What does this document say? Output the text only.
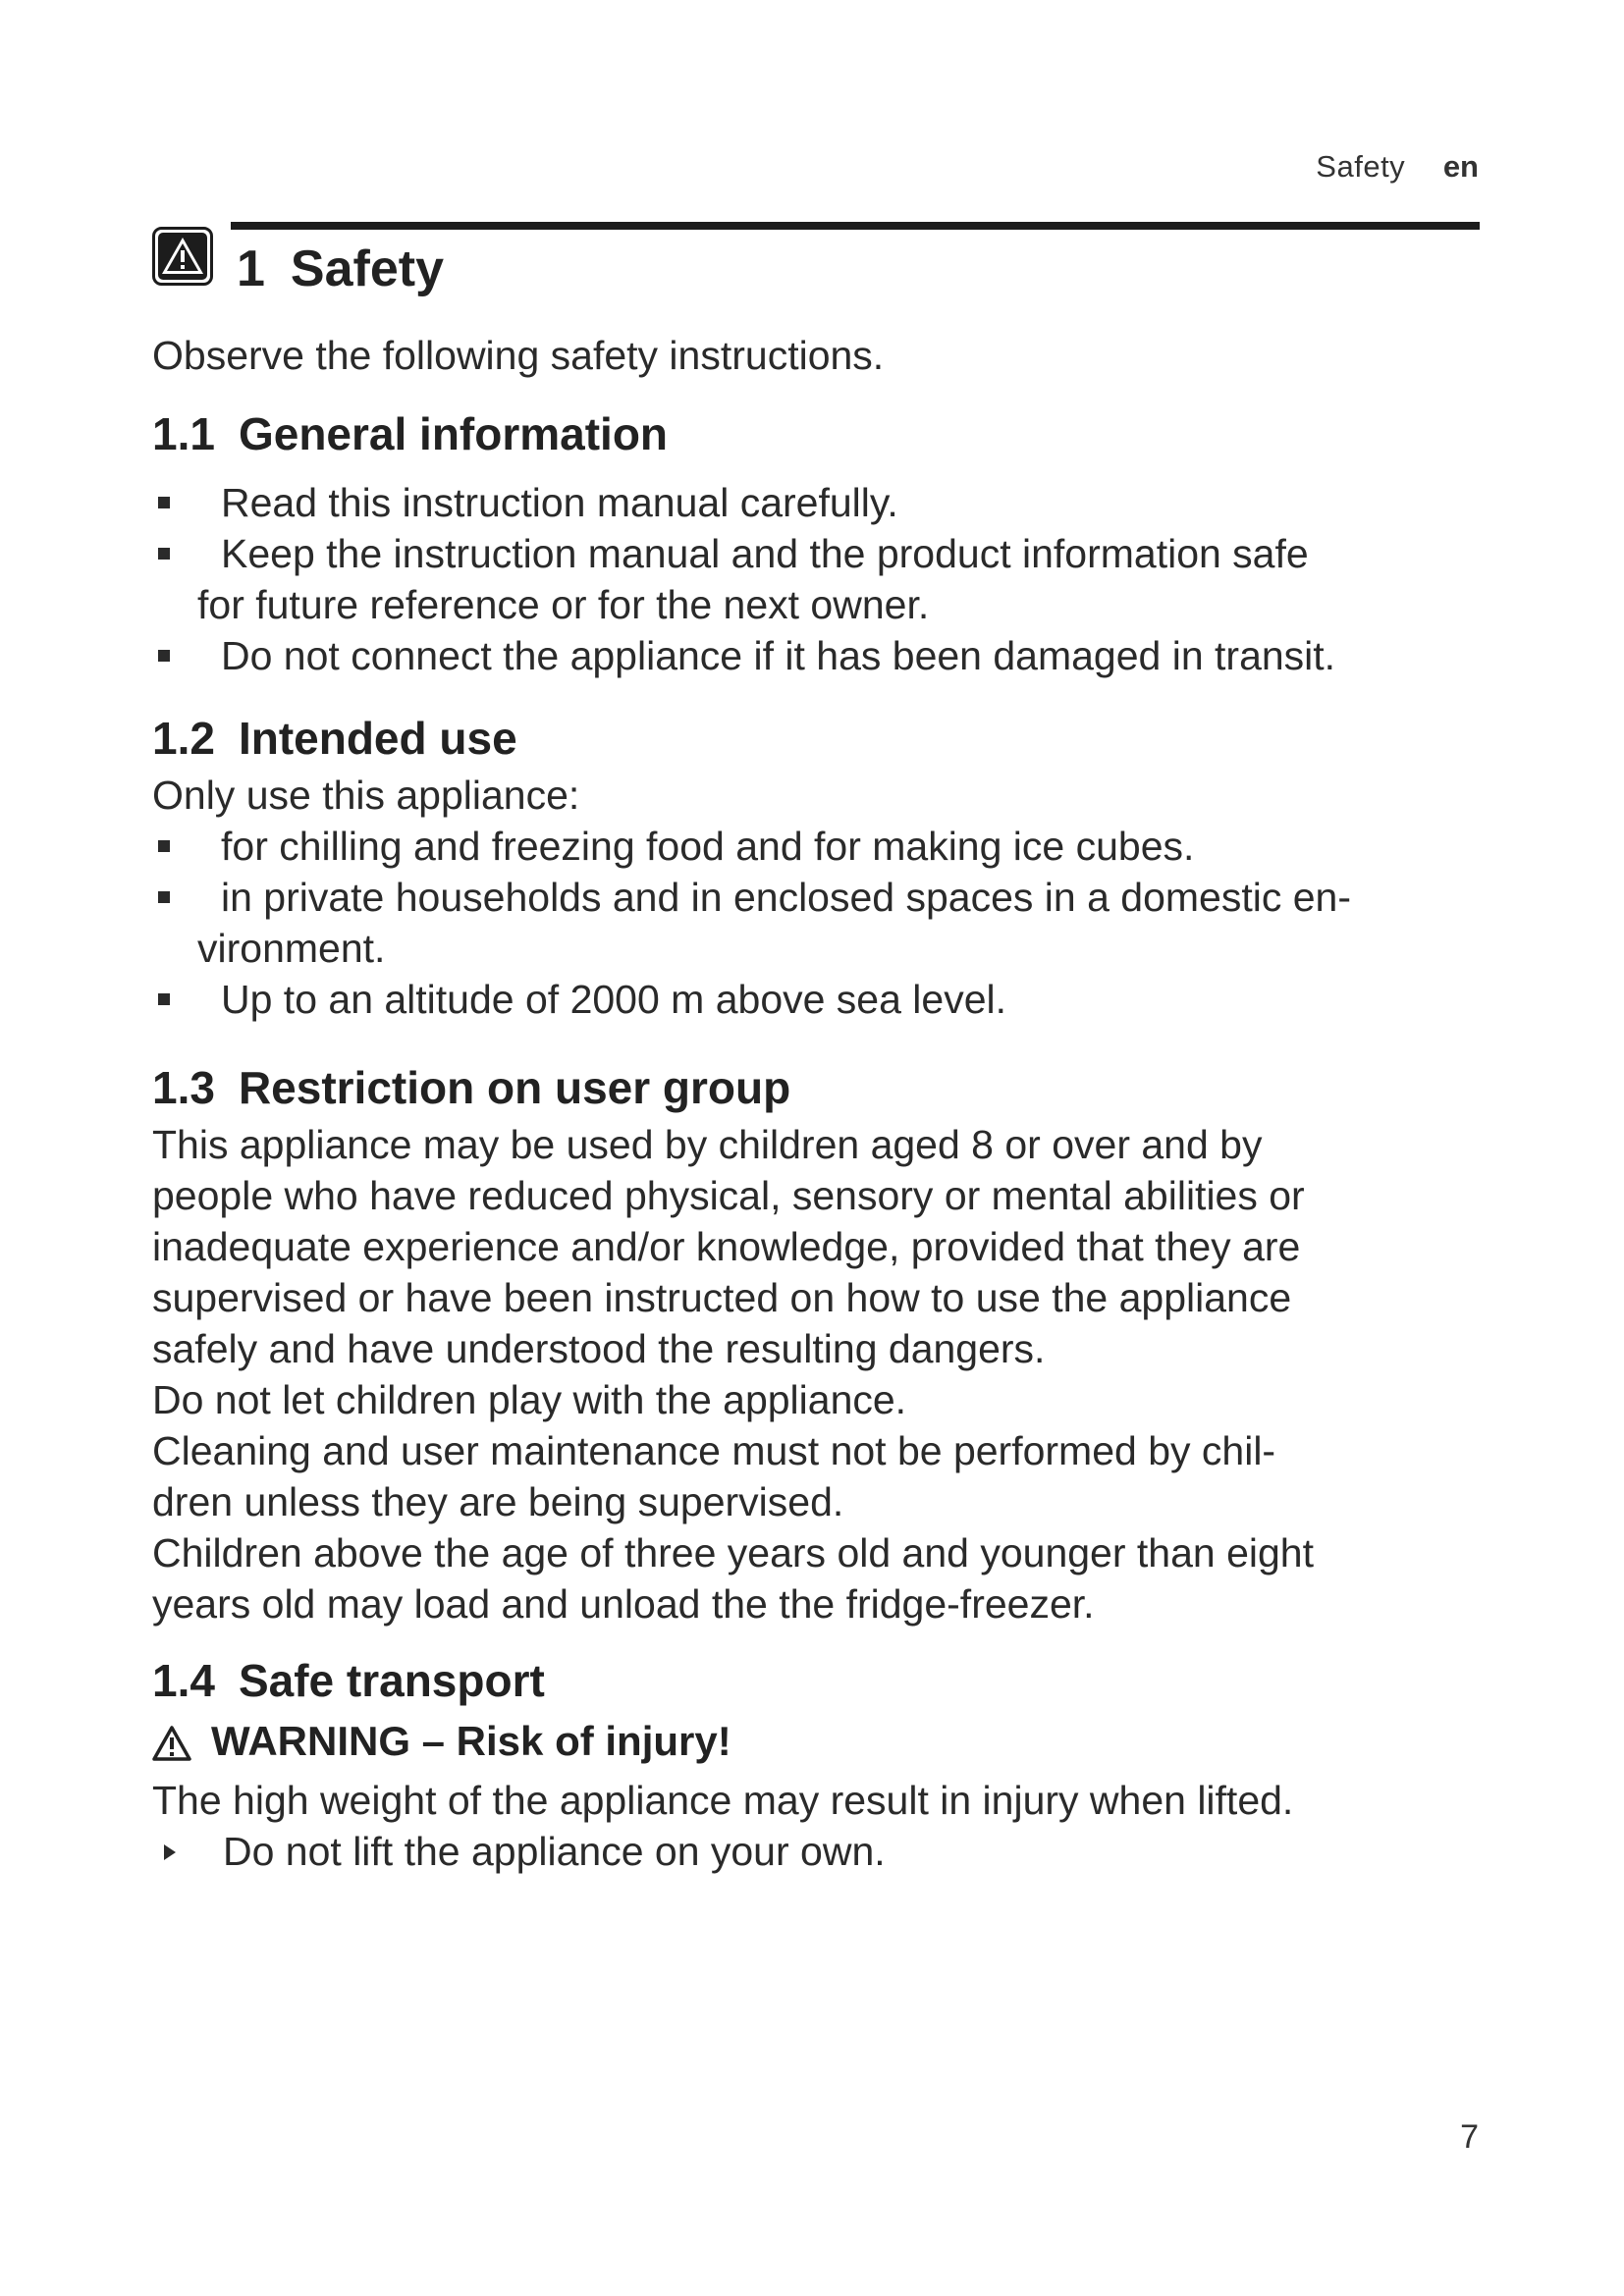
Safety en
1 Safety

Observe the following safety instructions.

1.1 General information
Read this instruction manual carefully.
Keep the instruction manual and the product information safe
for future reference or for the next owner.
Do not connect the appliance if it has been damaged in transit.
1.2 Intended use

Only use this appliance:

for chilling and freezing food and for making ice cubes.
in private households and in enclosed spaces in a domestic en-
vironment.
Up to an altitude of 2000 m above sea level.
1.3 Restriction on user group

This appliance may be used by children aged 8 or over and by

people who have reduced physical, sensory or mental abilities or

inadequate experience and/or knowledge, provided that they are

supervised or have been instructed on how to use the appliance

safely and have understood the resulting dangers.

Do not let children play with the appliance.

Cleaning and user maintenance must not be performed by chil-

dren unless they are being supervised.

Children above the age of three years old and younger than eight

years old may load and unload the the fridge-freezer.

1.4 Safe transport
WARNING – Risk of injury!

The high weight of the appliance may result in injury when lifted.

Do not lift the appliance on your own.
7
